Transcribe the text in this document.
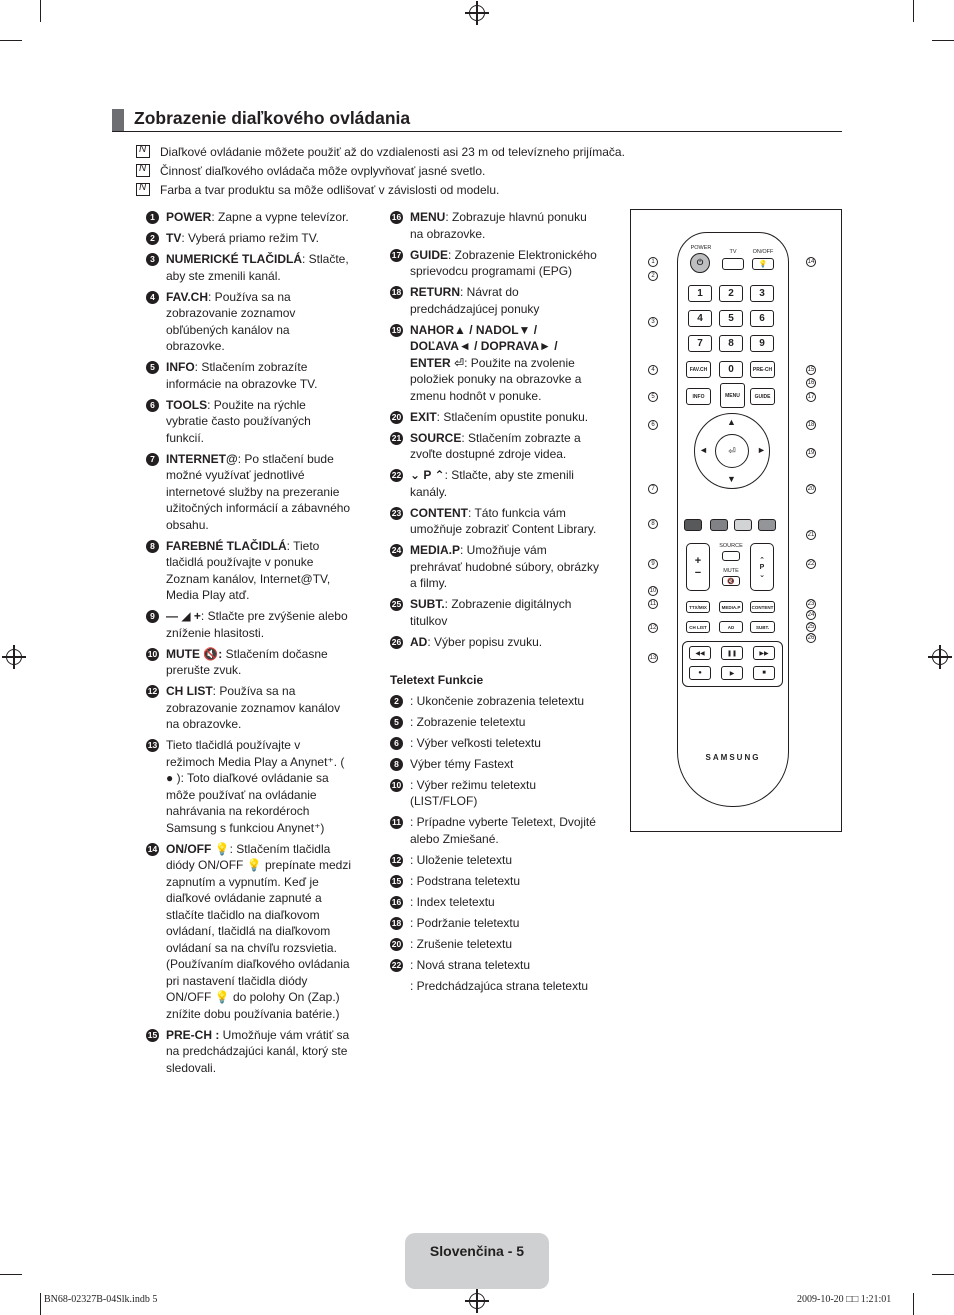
Zobrazenie diaľkového ovládania
NDiaľkové ovládanie môžete použiť až do vzdialenosti asi 23 m od televízneho prijímača.
NČinnosť diaľkového ovládača môže ovplyvňovať jasné svetlo.
NFarba a tvar produktu sa môže odlišovať v závislosti od modelu.
1 POWER: Zapne a vypne televízor.
2 TV: Vyberá priamo režim TV.
3 NUMERICKÉ TLAČIDLÁ: Stlačte, aby ste zmenili kanál.
4 FAV.CH: Používa sa na zobrazovanie zoznamov obľúbených kanálov na obrazovke.
5 INFO: Stlačením zobrazíte informácie na obrazovke TV.
6 TOOLS: Použite na rýchle vybratie často používaných funkcií.
7 INTERNET@: Po stlačení bude možné využívať jednotlivé internetové služby na prezeranie užitočných informácií a zábavného obsahu.
8 FAREBNÉ TLAČIDLÁ: Tieto tlačidlá používajte v ponuke Zoznam kanálov, Internet@TV, Media Play atď.
9 — ◢ +: Stlačte pre zvýšenie alebo zníženie hlasitosti.
10 MUTE 🔇: Stlačením dočasne prerušte zvuk.
12 CH LIST: Používa sa na zobrazovanie zoznamov kanálov na obrazovke.
13 Tieto tlačidlá používajte v režimoch Media Play a Anynet⁺. ( ● ): Toto diaľkové ovládanie sa môže používať na ovládanie nahrávania na rekordéroch Samsung s funkciou Anynet⁺)
14 ON/OFF 💡: Stlačením tlačidla diódy ON/OFF 💡 prepínate medzi zapnutím a vypnutím. Keď je diaľkové ovládanie zapnuté a stlačíte tlačidlo na diaľkovom ovládaní, tlačidlá na diaľkovom ovládaní sa na chvíľu rozsvietia. (Používaním diaľkového ovládania pri nastavení tlačidla diódy ON/OFF 💡 do polohy On (Zap.) znížite dobu používania batérie.)
15 PRE-CH : Umožňuje vám vrátiť sa na predchádzajúci kanál, ktorý ste sledovali.
16 MENU: Zobrazuje hlavnú ponuku na obrazovke.
17 GUIDE: Zobrazenie Elektronického sprievodcu programami (EPG)
18 RETURN: Návrat do predchádzajúcej ponuky
19 NAHOR▲ / NADOL▼ / DOĽAVA◄ / DOPRAVA► / ENTER ⏎: Použite na zvolenie položiek ponuky na obrazovke a zmenu hodnôt v ponuke.
20 EXIT: Stlačením opustite ponuku.
21 SOURCE: Stlačením zobrazte a zvoľte dostupné zdroje videa.
22 ⌄ P ⌃: Stlačte, aby ste zmenili kanály.
23 CONTENT: Táto funkcia vám umožňuje zobraziť Content Library.
24 MEDIA.P: Umožňuje vám prehrávať hudobné súbory, obrázky a filmy.
25 SUBT.: Zobrazenie digitálnych titulkov
26 AD: Výber popisu zvuku.
Teletext Funkcie
2 : Ukončenie zobrazenia teletextu
5 : Zobrazenie teletextu
6 : Výber veľkosti teletextu
8 Výber témy Fastext
10 : Výber režimu teletextu (LIST/FLOF)
11 : Prípadne vyberte Teletext, Dvojité alebo Zmiešané.
12 : Uloženie teletextu
15 : Podstrana teletextu
16 : Index teletextu
18 : Podržanie teletextu
20 : Zrušenie teletextu
22 : Nová strana teletextu
: Predchádzajúca strana teletextu
POWER
⏻
TV	ON/OFF
💡
1	2	3
4	5	6
7	8	9
0
FAV.CH	PRE-CH
INFO	MENU	GUIDE
⏎
▲
▼
◄	►
+
−
SOURCE
MUTE
🔇
⌃
P
⌄
TTX/MIX	MEDIA.P	CONTENT
CH LIST	AD	SUBT.
◀◀	❚❚	▶▶
●	▶	■
SAMSUNG
1
2
3
4
5
6
7
8
9
10
11
12
13
14
15
16
17
18
19
20
21
22
23
24
25
26
Slovenčina - 5
BN68-02327B-04Slk.indb 5	2009-10-20 □□ 1:21:01
